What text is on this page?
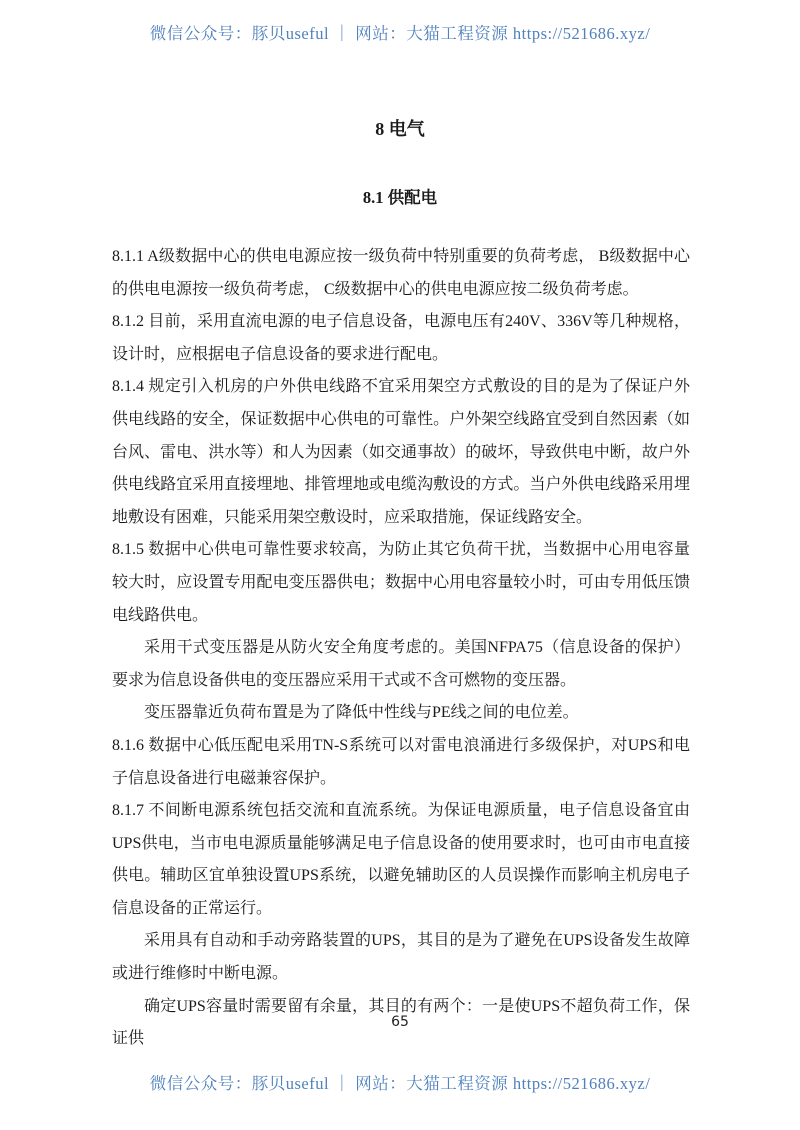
微信公众号：豚贝useful ｜ 网站：大猫工程资源 https://521686.xyz/
8 电气
8.1 供配电

8.1.1 A级数据中心的供电电源应按一级负荷中特别重要的负荷考虑， B级数据中心的供电电源按一级负荷考虑， C级数据中心的供电电源应按二级负荷考虑。

8.1.2 目前，采用直流电源的电子信息设备，电源电压有240V、336V等几种规格，设计时，应根据电子信息设备的要求进行配电。

8.1.4 规定引入机房的户外供电线路不宜采用架空方式敷设的目的是为了保证户外供电线路的安全，保证数据中心供电的可靠性。户外架空线路宜受到自然因素（如台风、雷电、洪水等）和人为因素（如交通事故）的破坏，导致供电中断，故户外供电线路宜采用直接埋地、排管埋地或电缆沟敷设的方式。当户外供电线路采用埋地敷设有困难，只能采用架空敷设时，应采取措施，保证线路安全。

8.1.5 数据中心供电可靠性要求较高，为防止其它负荷干扰，当数据中心用电容量较大时，应设置专用配电变压器供电；数据中心用电容量较小时，可由专用低压馈电线路供电。

采用干式变压器是从防火安全角度考虑的。美国NFPA75（信息设备的保护）要求为信息设备供电的变压器应采用干式或不含可燃物的变压器。

变压器靠近负荷布置是为了降低中性线与PE线之间的电位差。

8.1.6 数据中心低压配电采用TN-S系统可以对雷电浪涌进行多级保护，对UPS和电子信息设备进行电磁兼容保护。

8.1.7 不间断电源系统包括交流和直流系统。为保证电源质量，电子信息设备宜由UPS供电，当市电电源质量能够满足电子信息设备的使用要求时，也可由市电直接供电。辅助区宜单独设置UPS系统，以避免辅助区的人员误操作而影响主机房电子信息设备的正常运行。

采用具有自动和手动旁路装置的UPS，其目的是为了避免在UPS设备发生故障或进行维修时中断电源。

确定UPS容量时需要留有余量，其目的有两个：一是使UPS不超负荷工作，保证供

65
微信公众号：豚贝useful ｜ 网站：大猫工程资源 https://521686.xyz/
